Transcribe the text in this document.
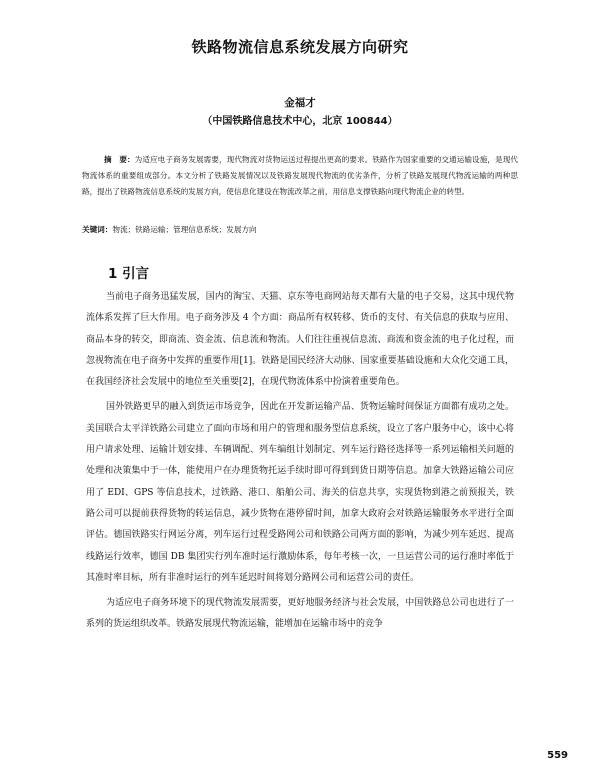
铁路物流信息系统发展方向研究
金福才
（中国铁路信息技术中心，北京 100844）

摘　要：为适应电子商务发展需要，现代物流对货物运送过程提出更高的要求。铁路作为国家重要的交通运输设施，是现代物流体系的重要组成部分。本文分析了铁路发展情况以及铁路发展现代物流的优劣条件，分析了铁路发展现代物流运输的两种思路，提出了铁路物流信息系统的发展方向，使信息化建设在物流改革之前，用信息支撑铁路向现代物流企业的转型。

关键词：物流；铁路运输；管理信息系统；发展方向

1 引言

当前电子商务迅猛发展，国内的淘宝、天猫、京东等电商网站每天都有大量的电子交易，这其中现代物流体系发挥了巨大作用。电子商务涉及 4 个方面：商品所有权转移、货币的支付、有关信息的获取与应用、商品本身的转交，即商流、资金流、信息流和物流。人们往往重视信息流、商流和资金流的电子化过程，而忽视物流在电子商务中发挥的重要作用[1]。铁路是国民经济大动脉、国家重要基础设施和大众化交通工具，在我国经济社会发展中的地位至关重要[2]，在现代物流体系中扮演着重要角色。

国外铁路更早的融入到货运市场竞争，因此在开发新运输产品、货物运输时间保证方面都有成功之处。美国联合太平洋铁路公司建立了面向市场和用户的管理和服务型信息系统，设立了客户服务中心，该中心将用户请求处理、运输计划安排、车辆调配、列车编组计划制定、列车运行路径选择等一系列运输相关问题的处理和决策集中于一体，能使用户在办理货物托运手续时即可得到到货日期等信息。加拿大铁路运输公司应用了 EDI、GPS 等信息技术，过铁路、港口、船舶公司、海关的信息共享，实现货物到港之前预报关，铁路公司可以提前获得货物的转运信息，减少货物在港停留时间，加拿大政府会对铁路运输服务水平进行全面评估。德国铁路实行网运分离，列车运行过程受路网公司和铁路公司两方面的影响，为减少列车延迟、提高线路运行效率，德国 DB 集团实行列车准时运行激励体系，每年考核一次，一旦运营公司的运行准时率低于其准时率目标，所有非准时运行的列车延迟时间将划分路网公司和运营公司的责任。

为适应电子商务环境下的现代物流发展需要，更好地服务经济与社会发展，中国铁路总公司也进行了一系列的货运组织改革。铁路发展现代物流运输，能增加在运输市场中的竞争

559
